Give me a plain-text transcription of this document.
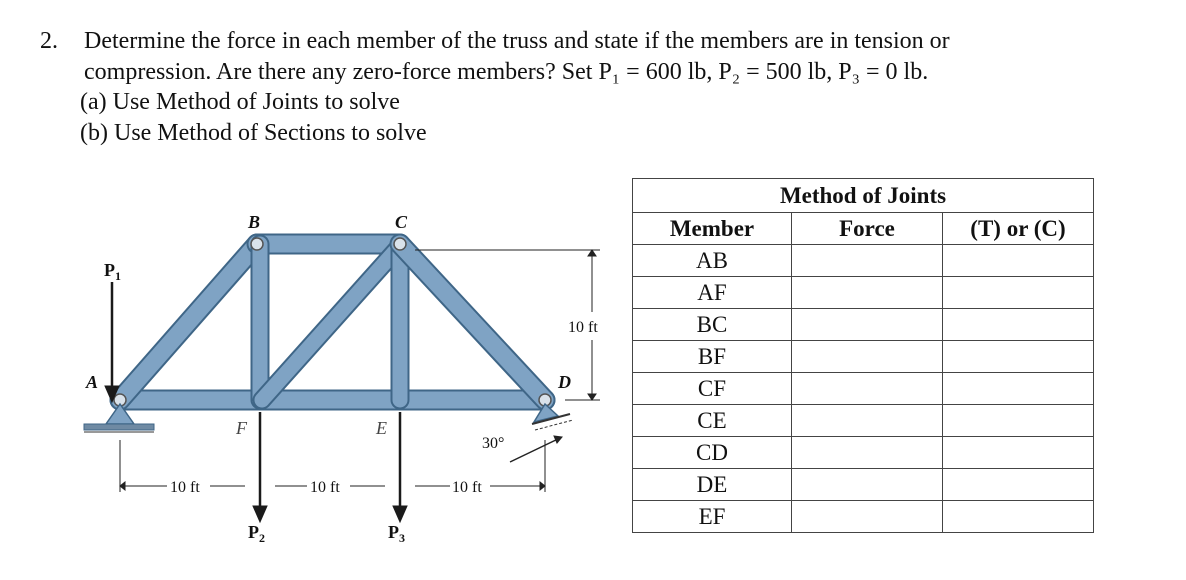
2. Determine the force in each member of the truss and state if the members are in tension or
compression. Are there any zero-force members? Set P₁ = 600 lb, P₂ = 500 lb, P₃ = 0 lb.
(a) Use Method of Joints to solve
(b) Use Method of Sections to solve
A
B	C
D
E
F
$P_1$
$P_2$	$P_3$
10 ft	10 ft	10 ft
10 ft
30°
Method of Joints		
Member	Force	(T) or (C)
AB		
AF		
BC		
BF		
CF		
CE		
CD		
DE		
EF		
